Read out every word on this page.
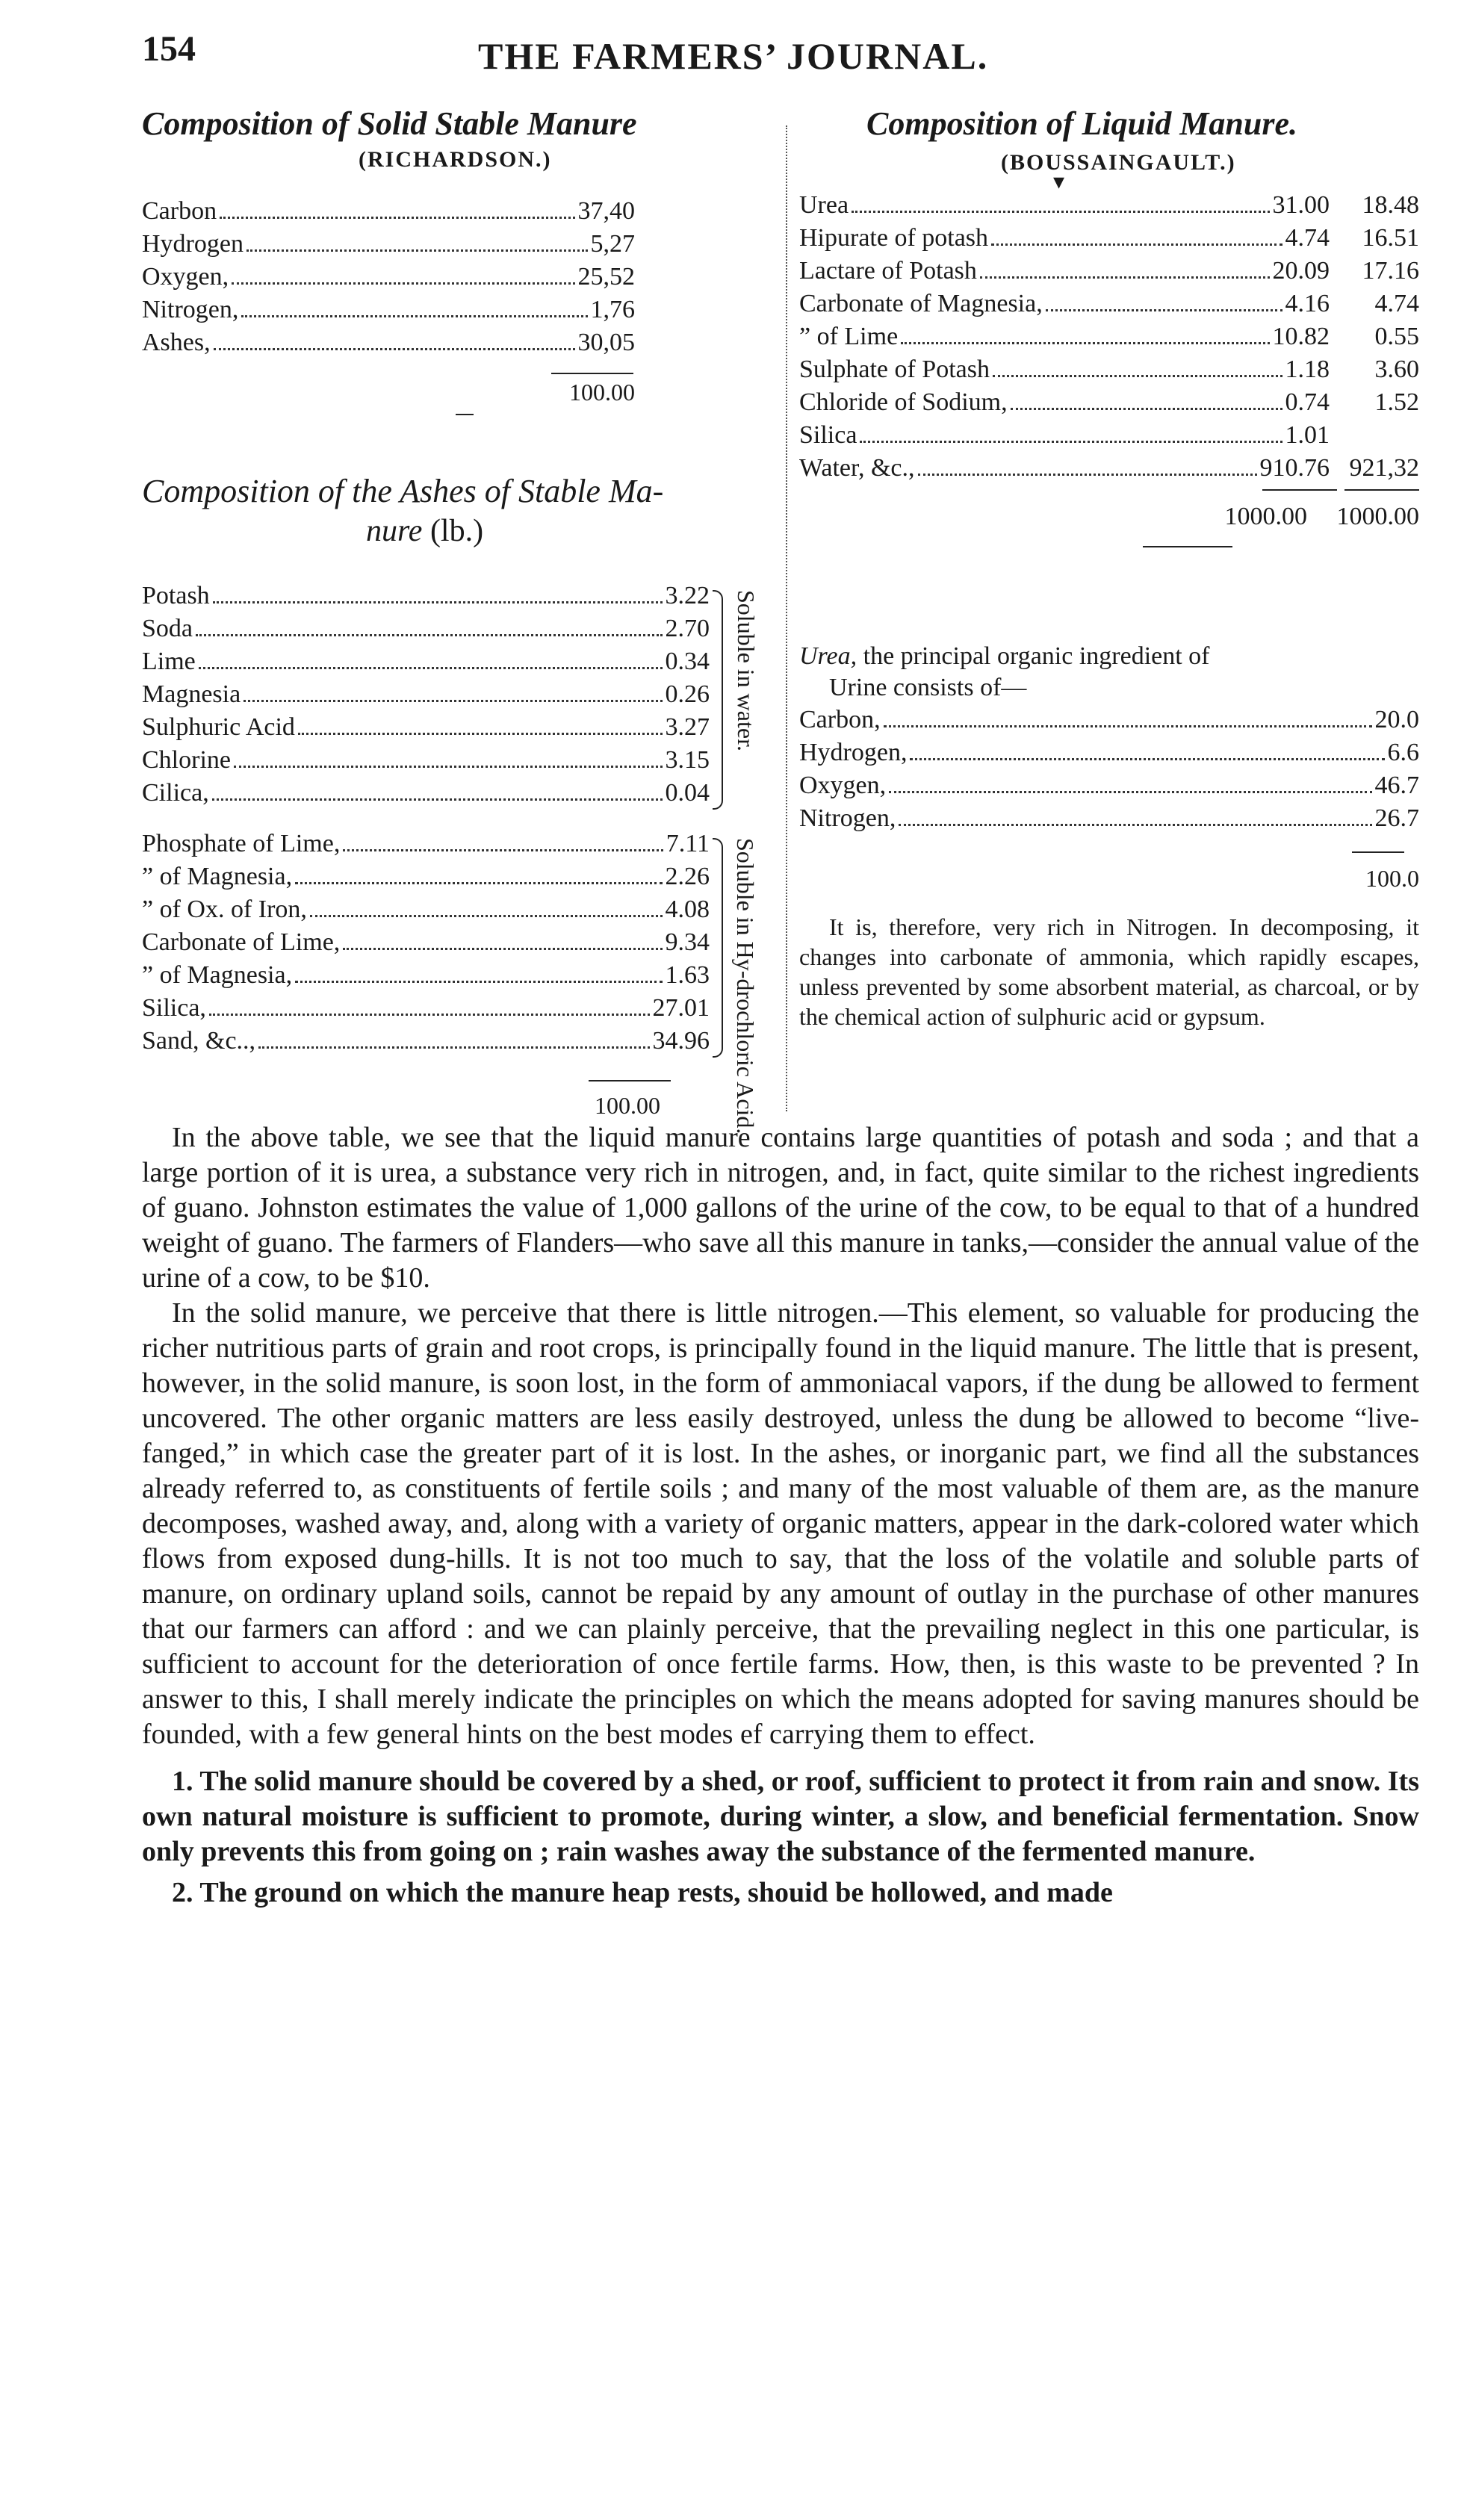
154	THE FARMERS’ JOURNAL.
Composition of Solid Stable Manure
(RICHARDSON.)
Carbon	37,40
Hydrogen	5,27
Oxygen,	25,52
Nitrogen,	1,76
Ashes,	30,05
100.00
Composition of the Ashes of Stable Ma-
nure (lb.)
Potash	3.22
Soda	2.70
Lime	0.34
Magnesia	0.26
Sulphuric Acid	3.27
Chlorine	3.15
Cilica,	0.04
Soluble in water.
Phosphate of Lime,	7.11
” of Magnesia,	2.26
” of Ox. of Iron,	4.08
Carbonate of Lime,	9.34
” of Magnesia,	1.63
Silica,	27.01
Sand, &c..,	34.96 Soluble in Hy-drochloric Acid.
100.00
Composition of Liquid Manure.
(BOUSSAINGAULT.)
▾
Urea	31.00	18.48
Hipurate of potash	4.74	16.51
Lactare of Potash	20.09	17.16
Carbonate of Magnesia,	4.16	4.74
” of Lime	10.82	0.55
Sulphate of Potash	1.18	3.60
Chloride of Sodium,	0.74	1.52
Silica	1.01
Water, &c.,	910.76 921,32
1000.00	1000.00
Urea, the principal organic ingredient of
Urine consists of—
Carbon,	20.0
Hydrogen,	6.6
Oxygen,	46.7
Nitrogen,	26.7
100.0
It is, therefore, very rich in Nitrogen. In decomposing, it changes into carbonate of ammonia, which rapidly escapes, unless prevented by some absorbent material, as charcoal, or by the chemical action of sulphuric acid or gypsum.

In the above table, we see that the liquid manure contains large quantities of potash and soda ; and that a large portion of it is urea, a substance very rich in nitrogen, and, in fact, quite similar to the richest ingredients of guano. Johnston estimates the value of 1,000 gallons of the urine of the cow, to be equal to that of a hundred weight of guano. The farmers of Flanders—who save all this manure in tanks,—consider the annual value of the urine of a cow, to be $10.

In the solid manure, we perceive that there is little nitrogen.—This element, so valuable for producing the richer nutritious parts of grain and root crops, is principally found in the liquid manure. The little that is present, however, in the solid manure, is soon lost, in the form of ammoniacal vapors, if the dung be allowed to ferment uncovered. The other organic matters are less easily destroyed, unless the dung be allowed to become “live-fanged,” in which case the greater part of it is lost. In the ashes, or inorganic part, we find all the substances already referred to, as constituents of fertile soils ; and many of the most valuable of them are, as the manure decomposes, washed away, and, along with a variety of organic matters, appear in the dark-colored water which flows from exposed dung-hills. It is not too much to say, that the loss of the volatile and soluble parts of manure, on ordinary upland soils, cannot be repaid by any amount of outlay in the purchase of other manures that our farmers can afford : and we can plainly perceive, that the prevailing neglect in this one particular, is sufficient to account for the deterioration of once fertile farms. How, then, is this waste to be prevented ? In answer to this, I shall merely indicate the principles on which the means adopted for saving manures should be founded, with a few general hints on the best modes ef carrying them to effect.

1. The solid manure should be covered by a shed, or roof, sufficient to protect it from rain and snow. Its own natural moisture is sufficient to promote, during winter, a slow, and beneficial fermentation. Snow only prevents this from going on ; rain washes away the substance of the fermented manure.

2. The ground on which the manure heap rests, shouid be hollowed, and made
